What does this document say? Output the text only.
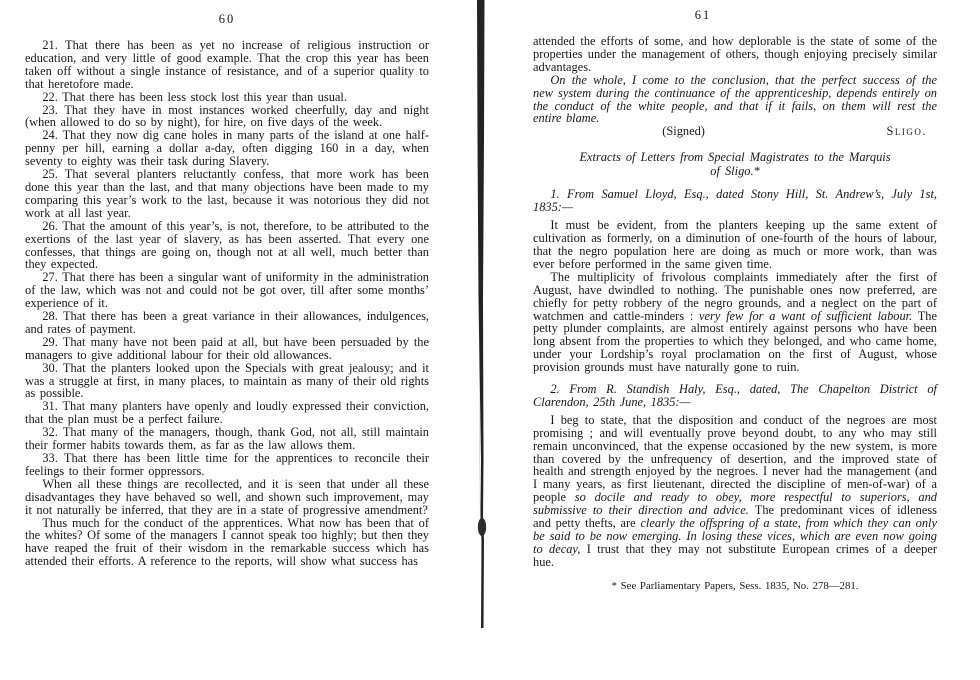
60

21. That there has been as yet no increase of religious instruction or education, and very little of good example. That the crop this year has been taken off without a single instance of resistance, and of a superior quality to that heretofore made.

22. That there has been less stock lost this year than usual.

23. That they have in most instances worked cheerfully, day and night (when allowed to do so by night), for hire, on five days of the week.

24. That they now dig cane holes in many parts of the island at one half-penny per hill, earning a dollar a-day, often digging 160 in a day, when seventy to eighty was their task during Slavery.

25. That several planters reluctantly confess, that more work has been done this year than the last, and that many objections have been made to my comparing this year’s work to the last, because it was notorious they did not work at all last year.

26. That the amount of this year’s, is not, therefore, to be attributed to the exertions of the last year of slavery, as has been asserted. That every one confesses, that things are going on, though not at all well, much better than they expected.

27. That there has been a singular want of uniformity in the administration of the law, which was not and could not be got over, till after some months’ experience of it.

28. That there has been a great variance in their allowances, indulgences, and rates of payment.

29. That many have not been paid at all, but have been persuaded by the managers to give additional labour for their old allowances.

30. That the planters looked upon the Specials with great jealousy; and it was a struggle at first, in many places, to maintain as many of their old rights as possible.

31. That many planters have openly and loudly expressed their conviction, that the plan must be a perfect failure.

32. That many of the managers, though, thank God, not all, still maintain their former habits towards them, as far as the law allows them.

33. That there has been little time for the apprentices to reconcile their feelings to their former oppressors.

When all these things are recollected, and it is seen that under all these disadvantages they have behaved so well, and shown such improvement, may it not naturally be inferred, that they are in a state of progressive amendment?

Thus much for the conduct of the apprentices. What now has been that of the whites? Of some of the managers I cannot speak too highly; but then they have reaped the fruit of their wisdom in the remarkable success which has attended their efforts. A reference to the reports, will show what success has

61

attended the efforts of some, and how deplorable is the state of some of the properties under the management of others, though enjoying precisely similar advantages.

On the whole, I come to the conclusion, that the perfect success of the new system during the continuance of the apprenticeship, depends entirely on the conduct of the white people, and that if it fails, on them will rest the entire blame.

(Signed)	Sligo.
Extracts of Letters from Special Magistrates to the Marquis
of Sligo.*

1. From Samuel Lloyd, Esq., dated Stony Hill, St. Andrew’s, July 1st, 1835:—

It must be evident, from the planters keeping up the same extent of cultivation as formerly, on a diminution of one-fourth of the hours of labour, that the negro population here are doing as much or more work, than was ever before performed in the same given time.

The multiplicity of frivolous complaints immediately after the first of August, have dwindled to nothing. The punishable ones now preferred, are chiefly for petty robbery of the negro grounds, and a neglect on the part of watchmen and cattle-minders : very few for a want of sufficient labour. The petty plunder complaints, are almost entirely against persons who have been long absent from the properties to which they belonged, and who came home, under your Lordship’s royal proclamation on the first of August, whose provision grounds must have naturally gone to ruin.

2. From R. Standish Haly, Esq., dated, The Chapelton District of Clarendon, 25th June, 1835:—

I beg to state, that the disposition and conduct of the negroes are most promising ; and will eventually prove beyond doubt, to any who may still remain unconvinced, that the expense occasioned by the new system, is more than covered by the unfrequency of desertion, and the improved state of health and strength enjoyed by the negroes. I never had the management (and I many years, as first lieutenant, directed the discipline of men-of-war) of a people so docile and ready to obey, more respectful to superiors, and submissive to their direction and advice. The predominant vices of idleness and petty thefts, are clearly the offspring of a state, from which they can only be said to be now emerging. In losing these vices, which are even now going to decay, I trust that they may not substitute European crimes of a deeper hue.

* See Parliamentary Papers, Sess. 1835, No. 278—281.
